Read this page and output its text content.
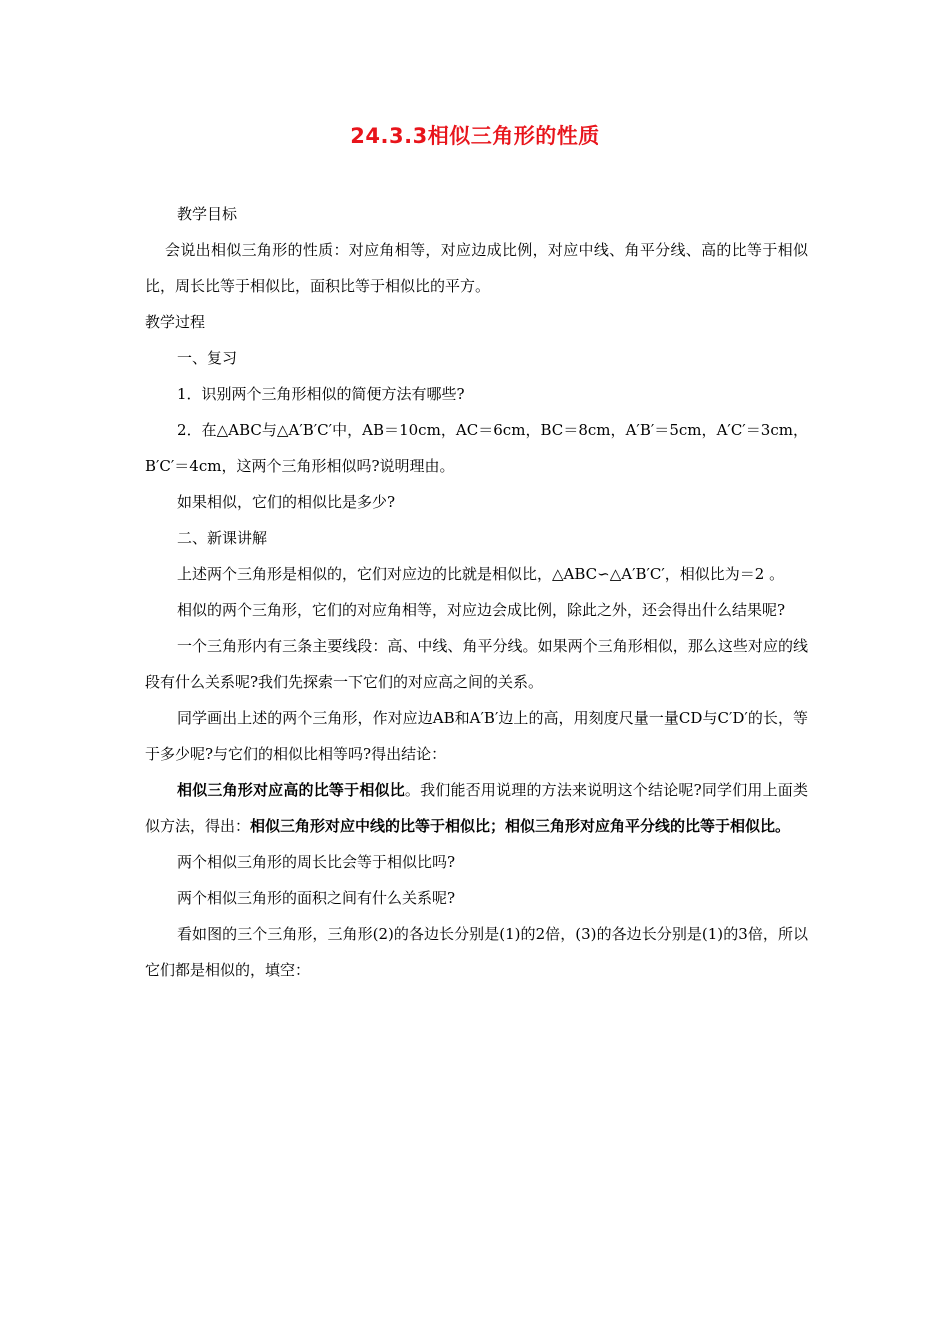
24.3.3相似三角形的性质

教学目标

会说出相似三角形的性质：对应角相等，对应边成比例，对应中线、角平分线、高的比等于相似比，周长比等于相似比，面积比等于相似比的平方。

教学过程

一、复习

1．识别两个三角形相似的简便方法有哪些?

2．在△ABC与△A′B′C′中，AB＝10cm，AC＝6cm，BC＝8cm，A′B′＝5cm，A′C′＝3cm，B′C′＝4cm，这两个三角形相似吗?说明理由。

如果相似，它们的相似比是多少?

二、新课讲解

上述两个三角形是相似的，它们对应边的比就是相似比，△ABC∽△A′B′C′，相似比为＝2 。

相似的两个三角形，它们的对应角相等，对应边会成比例，除此之外，还会得出什么结果呢?

一个三角形内有三条主要线段：高、中线、角平分线。如果两个三角形相似，那么这些对应的线段有什么关系呢?我们先探索一下它们的对应高之间的关系。

同学画出上述的两个三角形，作对应边AB和A′B′边上的高，用刻度尺量一量CD与C′D′的长，等于多少呢?与它们的相似比相等吗?得出结论：

相似三角形对应高的比等于相似比。我们能否用说理的方法来说明这个结论呢?同学们用上面类似方法，得出：相似三角形对应中线的比等于相似比；相似三角形对应角平分线的比等于相似比。

两个相似三角形的周长比会等于相似比吗?

两个相似三角形的面积之间有什么关系呢?

看如图的三个三角形，三角形(2)的各边长分别是(1)的2倍，(3)的各边长分别是(1)的3倍，所以它们都是相似的，填空：
